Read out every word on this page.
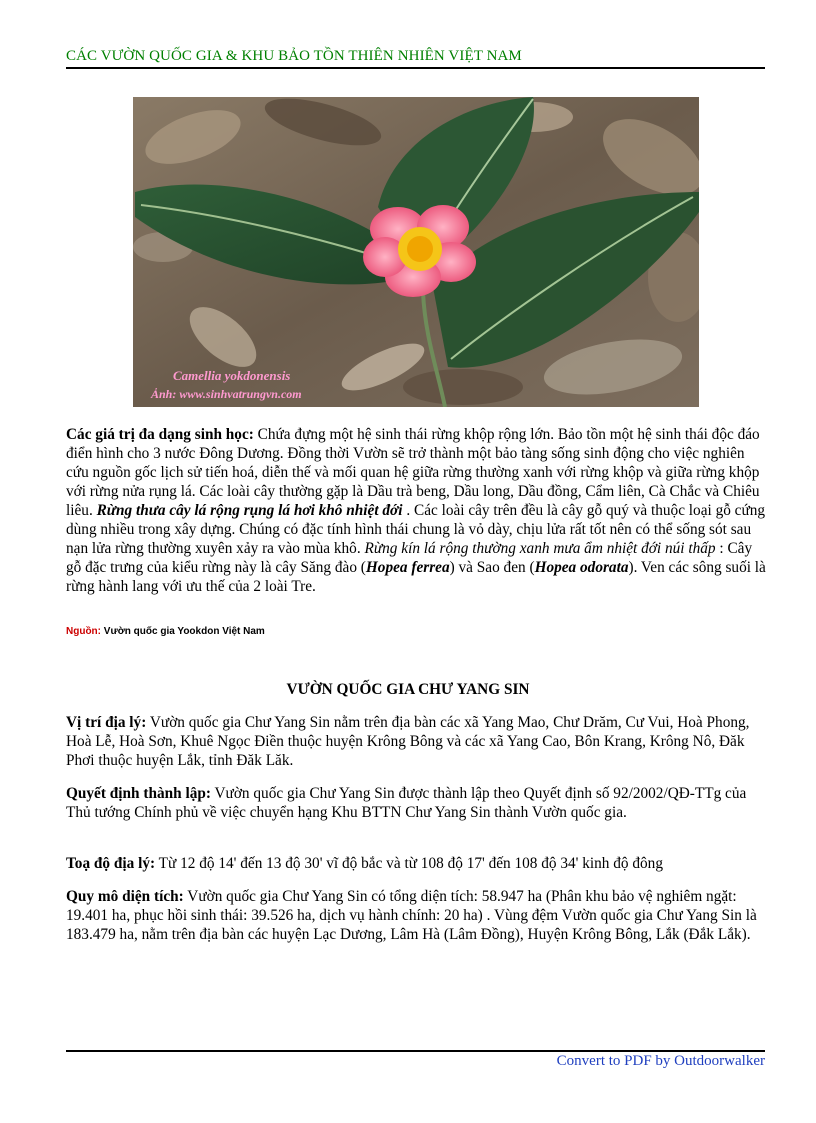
CÁC VƯỜN QUỐC GIA & KHU BẢO TỒN THIÊN NHIÊN VIỆT NAM
Camellia yokdonensis
Ảnh: www.sinhvatrungvn.com

Các giá trị đa dạng sinh học: Chứa đựng một hệ sinh thái rừng khộp rộng lớn. Bảo tồn một hệ sinh thái độc đáo điển hình cho 3 nước Đông Dương. Đồng thời Vườn sẽ trở thành một bảo tàng sống sinh động cho việc nghiên cứu nguồn gốc lịch sử tiến hoá, diễn thế và mối quan hệ giữa rừng thường xanh với rừng khộp và giữa rừng khộp với rừng nửa rụng lá. Các loài cây thường gặp là Dầu trà beng, Dầu long, Dầu đồng, Cẩm liên, Cà Chắc và Chiêu liêu. Rừng thưa cây lá rộng rụng lá hơi khô nhiệt đới . Các loài cây trên đều là cây gỗ quý và thuộc loại gỗ cứng dùng nhiều trong xây dựng. Chúng có đặc tính hình thái chung là vỏ dày, chịu lửa rất tốt nên có thể sống sót sau nạn lửa rừng thường xuyên xảy ra vào mùa khô. Rừng kín lá rộng thường xanh mưa ẩm nhiệt đới núi thấp : Cây gỗ đặc trưng của kiểu rừng này là cây Săng đào (Hopea ferrea) và Sao đen (Hopea odorata). Ven các sông suối là rừng hành lang với ưu thế của 2 loài Tre.

Nguồn: Vườn quốc gia Yookdon Việt Nam
VƯỜN QUỐC GIA CHƯ YANG SIN

Vị trí địa lý: Vườn quốc gia Chư Yang Sin nằm trên địa bàn các xã Yang Mao, Chư Drăm, Cư Vui, Hoà Phong, Hoà Lễ, Hoà Sơn, Khuê Ngọc Điền thuộc huyện Krông Bông và các xã Yang Cao, Bôn Krang, Krông Nô, Đăk Phơi thuộc huyện Lắk, tỉnh Đăk Lăk.

Quyết định thành lập: Vườn quốc gia Chư Yang Sin được thành lập theo Quyết định số 92/2002/QĐ-TTg của Thủ tướng Chính phủ về việc chuyển hạng Khu BTTN Chư Yang Sin thành Vườn quốc gia.

Toạ độ địa lý: Từ 12 độ 14' đến 13 độ 30' vĩ độ bắc và từ 108 độ 17' đến 108 độ 34' kinh độ đông

Quy mô diện tích: Vườn quốc gia Chư Yang Sin có tổng diện tích: 58.947 ha (Phân khu bảo vệ nghiêm ngặt: 19.401 ha, phục hồi sinh thái: 39.526 ha, dịch vụ hành chính: 20 ha) . Vùng đệm Vườn quốc gia Chư Yang Sin là 183.479 ha, nằm trên địa bàn các huyện Lạc Dương, Lâm Hà (Lâm Đồng), Huyện Krông Bông, Lắk (Đắk Lắk).

Convert to PDF by Outdoorwalker
